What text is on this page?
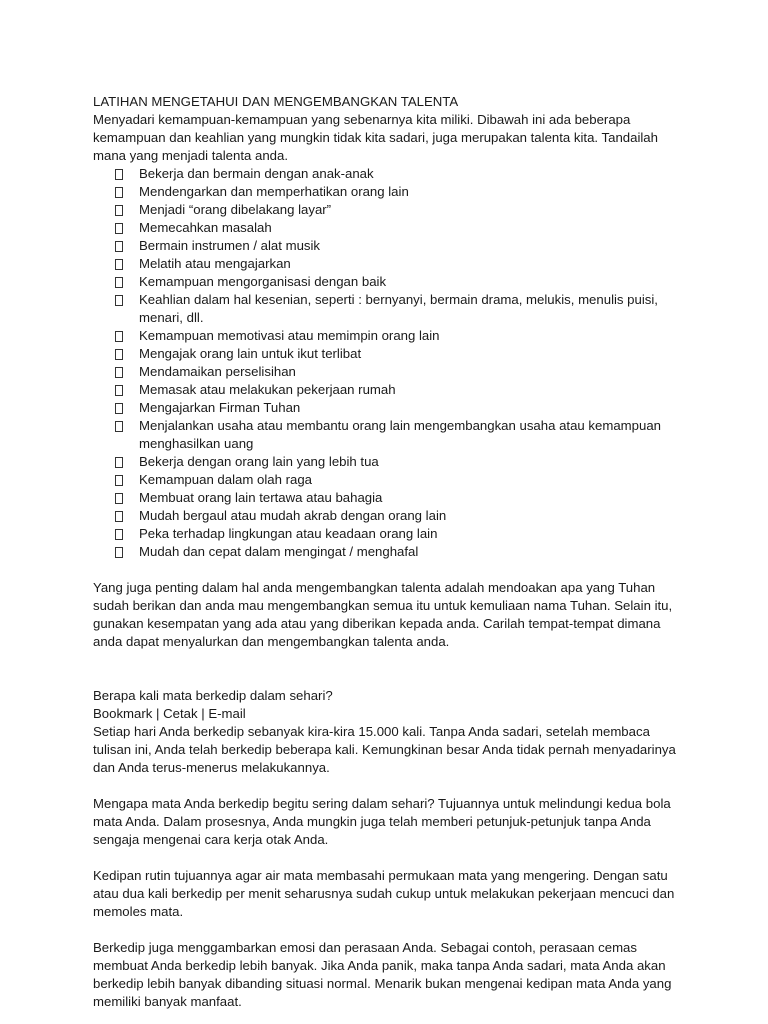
LATIHAN MENGETAHUI DAN MENGEMBANGKAN TALENTA

Menyadari kemampuan-kemampuan yang sebenarnya kita miliki. Dibawah ini ada beberapa kemampuan dan keahlian yang mungkin tidak kita sadari, juga merupakan talenta kita. Tandailah mana yang menjadi talenta anda.

Bekerja dan bermain dengan anak-anak
Mendengarkan dan memperhatikan orang lain
Menjadi “orang dibelakang layar”
Memecahkan masalah
Bermain instrumen / alat musik
Melatih atau mengajarkan
Kemampuan mengorganisasi dengan baik
Keahlian dalam hal kesenian, seperti : bernyanyi, bermain drama, melukis, menulis puisi, menari, dll.
Kemampuan memotivasi atau memimpin orang lain
Mengajak orang lain untuk ikut terlibat
Mendamaikan perselisihan
Memasak atau melakukan pekerjaan rumah
Mengajarkan Firman Tuhan
Menjalankan usaha atau membantu orang lain mengembangkan usaha atau kemampuan menghasilkan uang
Bekerja dengan orang lain yang lebih tua
Kemampuan dalam olah raga
Membuat orang lain tertawa atau bahagia
Mudah bergaul atau mudah akrab dengan orang lain
Peka terhadap lingkungan atau keadaan orang lain
Mudah dan cepat dalam mengingat / menghafal

Yang juga penting dalam hal anda mengembangkan talenta adalah mendoakan apa yang Tuhan sudah berikan dan anda mau mengembangkan semua itu untuk kemuliaan nama Tuhan. Selain itu, gunakan kesempatan yang ada atau yang diberikan kepada anda. Carilah tempat-tempat dimana anda dapat menyalurkan dan mengembangkan talenta anda.

Berapa kali mata berkedip dalam sehari?

Bookmark | Cetak | E-mail

Setiap hari Anda berkedip sebanyak kira-kira 15.000 kali. Tanpa Anda sadari, setelah membaca tulisan ini, Anda telah berkedip beberapa kali. Kemungkinan besar Anda tidak pernah menyadarinya dan Anda terus-menerus melakukannya.

Mengapa mata Anda berkedip begitu sering dalam sehari? Tujuannya untuk melindungi kedua bola mata Anda. Dalam prosesnya, Anda mungkin juga telah memberi petunjuk-petunjuk tanpa Anda sengaja mengenai cara kerja otak Anda.

Kedipan rutin tujuannya agar air mata membasahi permukaan mata yang mengering. Dengan satu atau dua kali berkedip per menit seharusnya sudah cukup untuk melakukan pekerjaan mencuci dan memoles mata.

Berkedip juga menggambarkan emosi dan perasaan Anda. Sebagai contoh, perasaan cemas membuat Anda berkedip lebih banyak. Jika Anda panik, maka tanpa Anda sadari, mata Anda akan berkedip lebih banyak dibanding situasi normal. Menarik bukan mengenai kedipan mata Anda yang memiliki banyak manfaat.
